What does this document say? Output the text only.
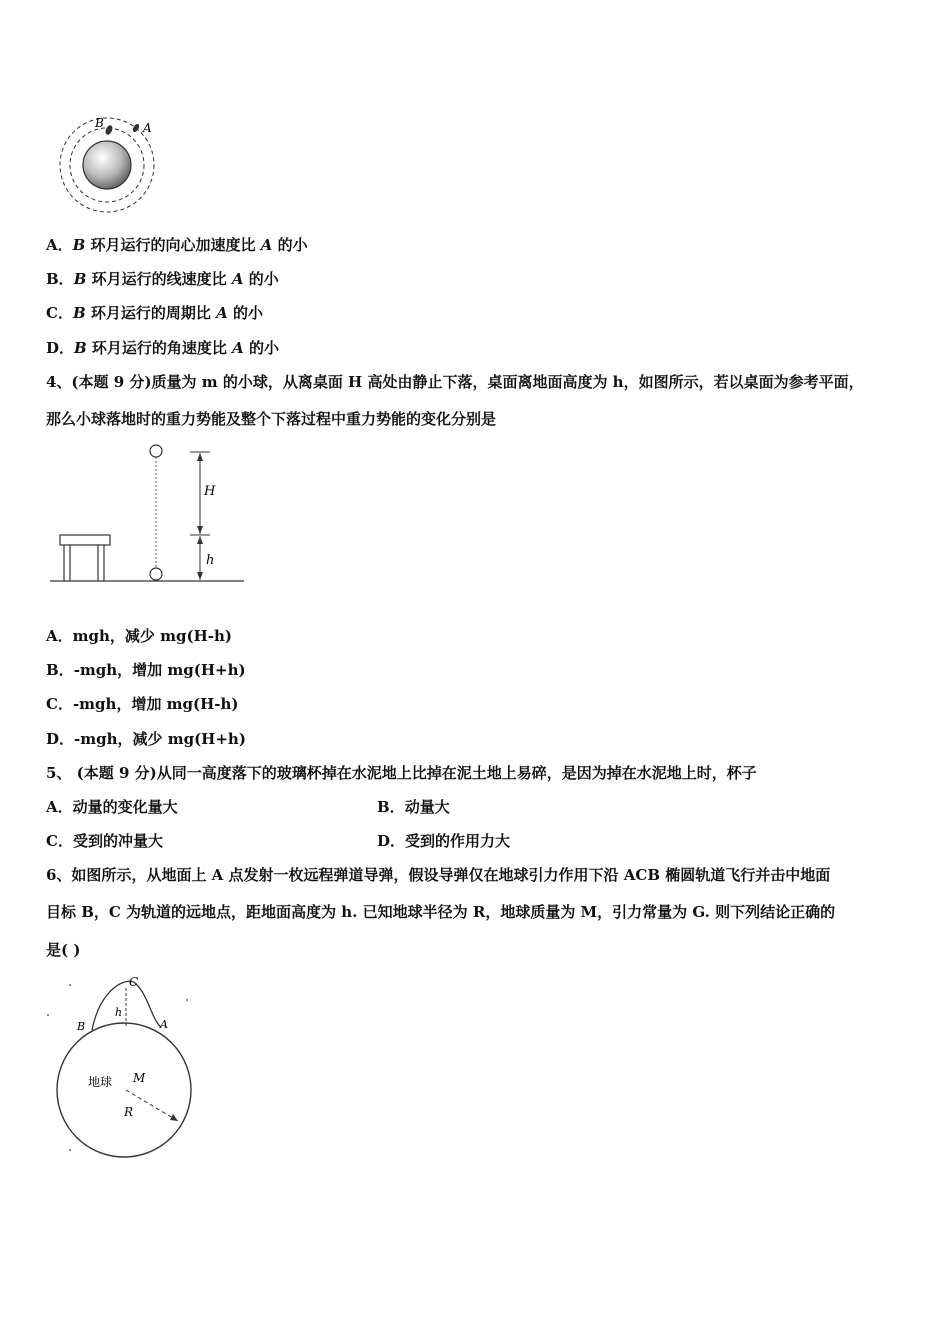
B	A
A．B 环月运行的向心加速度比 A 的小
B．B 环月运行的线速度比 A 的小
C．B 环月运行的周期比 A 的小
D．B 环月运行的角速度比 A 的小
4、(本题 9 分)质量为 m 的小球，从离桌面 H 高处由静止下落，桌面离地面高度为 h，如图所示，若以桌面为参考平面，
那么小球落地时的重力势能及整个下落过程中重力势能的变化分别是
H
h
A．mgh，减少 mg(H-h)
B．-mgh，增加 mg(H+h)
C．-mgh，增加 mg(H-h)
D．-mgh，减少 mg(H+h)
5、 (本题 9 分)从同一高度落下的玻璃杯掉在水泥地上比掉在泥土地上易碎，是因为掉在水泥地上时，杯子
A．动量的变化量大	B．动量大
C．受到的冲量大	D．受到的作用力大
6、如图所示，从地面上 A 点发射一枚远程弹道导弹，假设导弹仅在地球引力作用下沿 ACB 椭圆轨道飞行并击中地面
目标 B，C 为轨道的远地点，距地面高度为 h. 已知地球半径为 R，地球质量为 M，引力常量为 G. 则下列结论正确的
是( )
C
h
B	A
地球 M
R
